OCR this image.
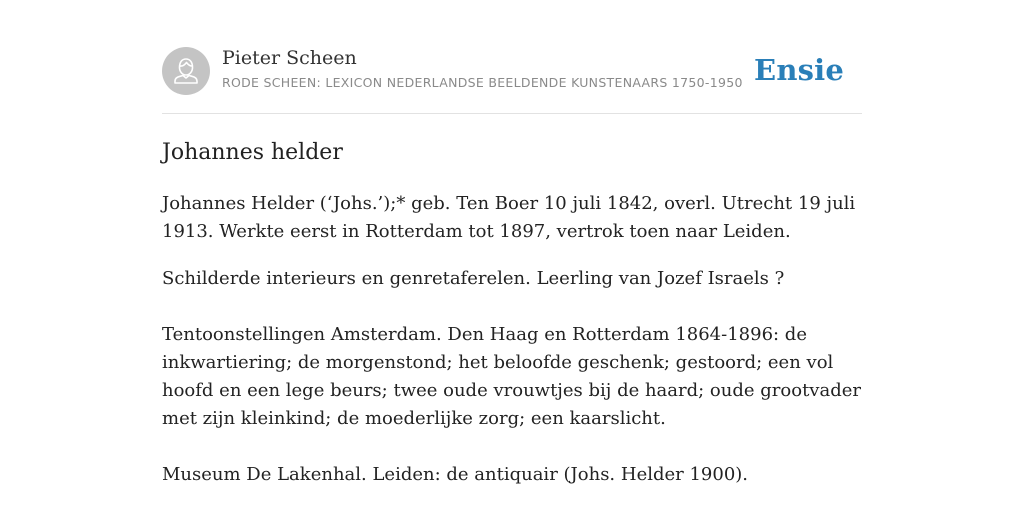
Pieter Scheen
RODE SCHEEN: LEXICON NEDERLANDSE BEELDENDE KUNSTENAARS 1750-1950 Ensie
Johannes helder

Johannes Helder (‘Johs.’);* geb. Ten Boer 10 juli 1842, overl. Utrecht 19 juli 1913. Werkte eerst in Rotterdam tot 1897, vertrok toen naar Leiden.

Schilderde interieurs en genretaferelen. Leerling van Jozef Israels ?

Tentoonstellingen Amsterdam. Den Haag en Rotterdam 1864-1896: de inkwartiering; de morgenstond; het beloofde geschenk; gestoord; een vol hoofd en een lege beurs; twee oude vrouwtjes bij de haard; oude grootvader met zijn kleinkind; de moederlijke zorg; een kaarslicht.

Museum De Lakenhal. Leiden: de antiquair (Johs. Helder 1900).
